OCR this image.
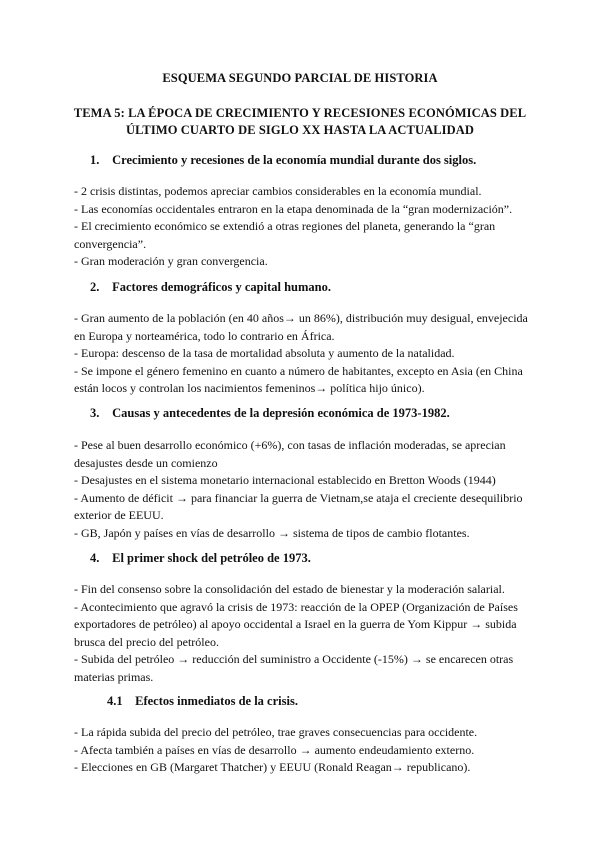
ESQUEMA SEGUNDO PARCIAL DE HISTORIA
TEMA 5: LA ÉPOCA DE CRECIMIENTO Y RECESIONES ECONÓMICAS DEL
ÚLTIMO CUARTO DE SIGLO XX HASTA LA ACTUALIDAD
1. Crecimiento y recesiones de la economía mundial durante dos siglos.
- 2 crisis distintas, podemos apreciar cambios considerables en la economía mundial.
- Las economías occidentales entraron en la etapa denominada de la “gran modernización”.
- El crecimiento económico se extendió a otras regiones del planeta, generando la “gran convergencia”.
- Gran moderación y gran convergencia.
2. Factores demográficos y capital humano.
- Gran aumento de la población (en 40 años→ un 86%), distribución muy desigual, envejecida en Europa y norteamérica, todo lo contrario en África.
- Europa: descenso de la tasa de mortalidad absoluta y aumento de la natalidad.
- Se impone el género femenino en cuanto a número de habitantes, excepto en Asia (en China están locos y controlan los nacimientos femeninos→ política hijo único).
3. Causas y antecedentes de la depresión económica de 1973-1982.
- Pese al buen desarrollo económico (+6%), con tasas de inflación moderadas, se aprecian desajustes desde un comienzo
- Desajustes en el sistema monetario internacional establecido en Bretton Woods (1944)
- Aumento de déficit → para financiar la guerra de Vietnam,se ataja el creciente desequilibrio exterior de EEUU.
- GB, Japón y países en vías de desarrollo → sistema de tipos de cambio flotantes.
4. El primer shock del petróleo de 1973.
- Fin del consenso sobre la consolidación del estado de bienestar y la moderación salarial.
- Acontecimiento que agravó la crisis de 1973: reacción de la OPEP (Organización de Países exportadores de petróleo) al apoyo occidental a Israel en la guerra de Yom Kippur → subida brusca del precio del petróleo.
- Subida del petróleo → reducción del suministro a Occidente (-15%) → se encarecen otras materias primas.
4.1 Efectos inmediatos de la crisis.
- La rápida subida del precio del petróleo, trae graves consecuencias para occidente.
- Afecta también a países en vías de desarrollo → aumento endeudamiento externo.
- Elecciones en GB (Margaret Thatcher) y EEUU (Ronald Reagan→ republicano).
